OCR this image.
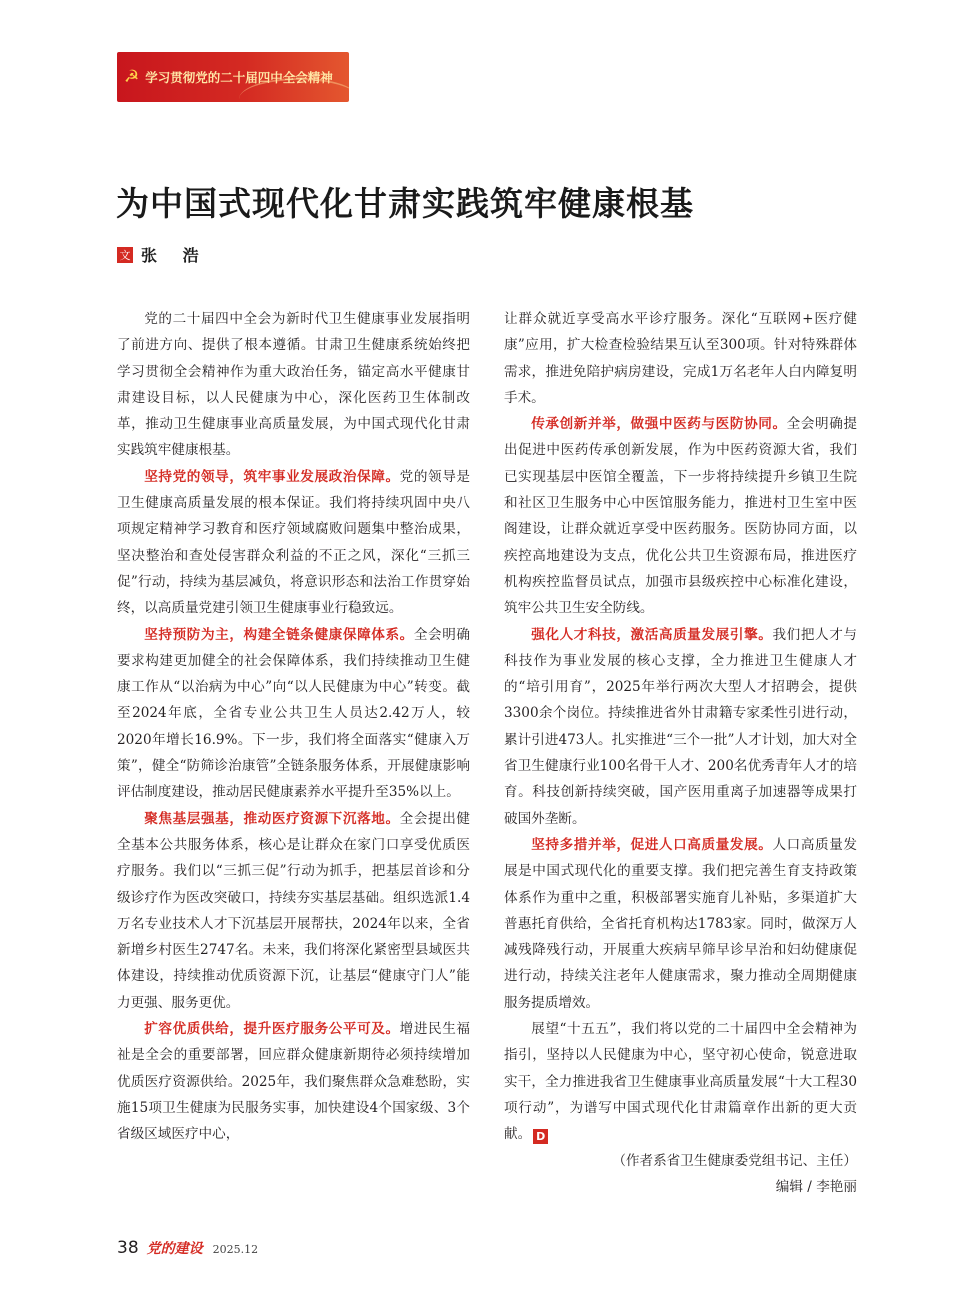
☭ 学习贯彻党的二十届四中全会精神
为中国式现代化甘肃实践筑牢健康根基
文 张 浩

党的二十届四中全会为新时代卫生健康事业发展指明了前进方向、提供了根本遵循。甘肃卫生健康系统始终把学习贯彻全会精神作为重大政治任务，锚定高水平健康甘肃建设目标，以人民健康为中心，深化医药卫生体制改革，推动卫生健康事业高质量发展，为中国式现代化甘肃实践筑牢健康根基。

坚持党的领导，筑牢事业发展政治保障。党的领导是卫生健康高质量发展的根本保证。我们将持续巩固中央八项规定精神学习教育和医疗领域腐败问题集中整治成果，坚决整治和查处侵害群众利益的不正之风，深化“三抓三促”行动，持续为基层减负，将意识形态和法治工作贯穿始终，以高质量党建引领卫生健康事业行稳致远。

坚持预防为主，构建全链条健康保障体系。全会明确要求构建更加健全的社会保障体系，我们持续推动卫生健康工作从“以治病为中心”向“以人民健康为中心”转变。截至2024年底，全省专业公共卫生人员达2.42万人，较2020年增长16.9%。下一步，我们将全面落实“健康入万策”，健全“防筛诊治康管”全链条服务体系，开展健康影响评估制度建设，推动居民健康素养水平提升至35%以上。

聚焦基层强基，推动医疗资源下沉落地。全会提出健全基本公共服务体系，核心是让群众在家门口享受优质医疗服务。我们以“三抓三促”行动为抓手，把基层首诊和分级诊疗作为医改突破口，持续夯实基层基础。组织选派1.4万名专业技术人才下沉基层开展帮扶，2024年以来，全省新增乡村医生2747名。未来，我们将深化紧密型县域医共体建设，持续推动优质资源下沉，让基层“健康守门人”能力更强、服务更优。

扩容优质供给，提升医疗服务公平可及。增进民生福祉是全会的重要部署，回应群众健康新期待必须持续增加优质医疗资源供给。2025年，我们聚焦群众急难愁盼，实施15项卫生健康为民服务实事，加快建设4个国家级、3个省级区域医疗中心，

让群众就近享受高水平诊疗服务。深化“互联网+医疗健康”应用，扩大检查检验结果互认至300项。针对特殊群体需求，推进免陪护病房建设，完成1万名老年人白内障复明手术。

传承创新并举，做强中医药与医防协同。全会明确提出促进中医药传承创新发展，作为中医药资源大省，我们已实现基层中医馆全覆盖，下一步将持续提升乡镇卫生院和社区卫生服务中心中医馆服务能力，推进村卫生室中医阁建设，让群众就近享受中医药服务。医防协同方面，以疾控高地建设为支点，优化公共卫生资源布局，推进医疗机构疾控监督员试点，加强市县级疾控中心标准化建设，筑牢公共卫生安全防线。

强化人才科技，激活高质量发展引擎。我们把人才与科技作为事业发展的核心支撑，全力推进卫生健康人才的“培引用育”，2025年举行两次大型人才招聘会，提供3300余个岗位。持续推进省外甘肃籍专家柔性引进行动，累计引进473人。扎实推进“三个一批”人才计划，加大对全省卫生健康行业100名骨干人才、200名优秀青年人才的培育。科技创新持续突破，国产医用重离子加速器等成果打破国外垄断。

坚持多措并举，促进人口高质量发展。人口高质量发展是中国式现代化的重要支撑。我们把完善生育支持政策体系作为重中之重，积极部署实施育儿补贴，多渠道扩大普惠托育供给，全省托育机构达1783家。同时，做深万人减残降残行动，开展重大疾病早筛早诊早治和妇幼健康促进行动，持续关注老年人健康需求，聚力推动全周期健康服务提质增效。

展望“十五五”，我们将以党的二十届四中全会精神为指引，坚持以人民健康为中心，坚守初心使命，锐意进取实干，全力推进我省卫生健康事业高质量发展“十大工程30项行动”，为谱写中国式现代化甘肃篇章作出新的更大贡献。 D

（作者系省卫生健康委党组书记、主任）

编辑 / 李艳丽

38 党的建设 2025.12
